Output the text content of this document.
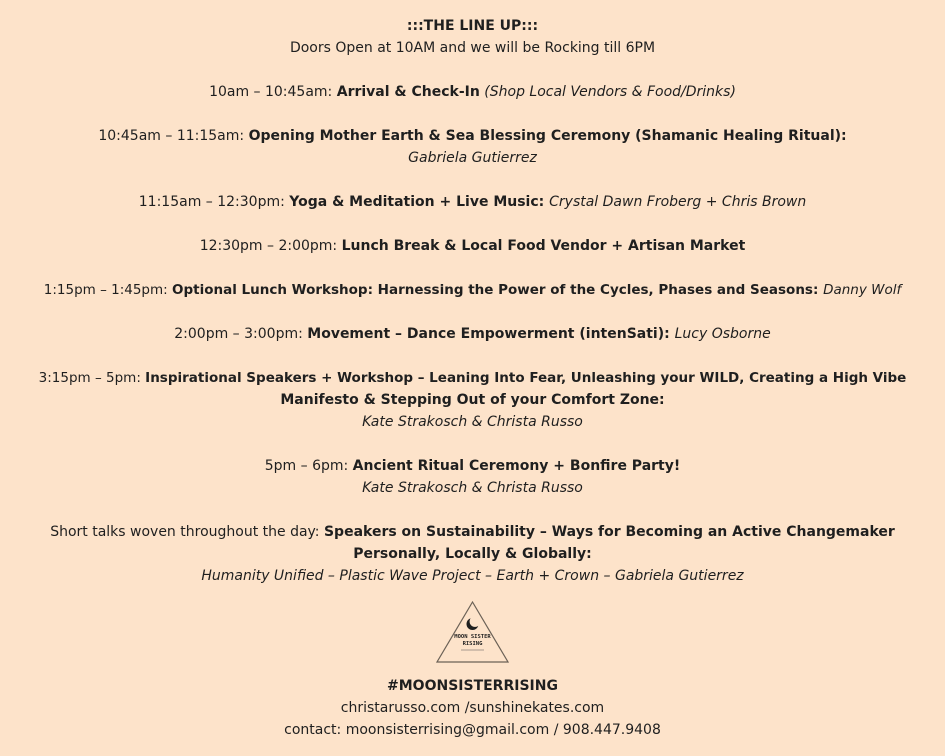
:::THE LINE UP:::
Doors Open at 10AM and we will be Rocking till 6PM
10am – 10:45am: Arrival & Check-In (Shop Local Vendors & Food/Drinks)
10:45am – 11:15am: Opening Mother Earth & Sea Blessing Ceremony (Shamanic Healing Ritual):
Gabriela Gutierrez
11:15am – 12:30pm: Yoga & Meditation + Live Music: Crystal Dawn Froberg + Chris Brown
12:30pm – 2:00pm: Lunch Break & Local Food Vendor + Artisan Market
1:15pm – 1:45pm: Optional Lunch Workshop: Harnessing the Power of the Cycles, Phases and Seasons: Danny Wolf
2:00pm – 3:00pm: Movement – Dance Empowerment (intenSati): Lucy Osborne
3:15pm – 5pm: Inspirational Speakers + Workshop – Leaning Into Fear, Unleashing your WILD, Creating a High Vibe
Manifesto & Stepping Out of your Comfort Zone:
Kate Strakosch & Christa Russo
5pm – 6pm: Ancient Ritual Ceremony + Bonfire Party!
Kate Strakosch & Christa Russo
Short talks woven throughout the day: Speakers on Sustainability – Ways for Becoming an Active Changemaker
Personally, Locally & Globally:
Humanity Unified – Plastic Wave Project – Earth + Crown – Gabriela Gutierrez
MOON SISTER
RISING
#MOONSISTERRISING
christarusso.com /sunshinekates.com
contact: moonsisterrising@gmail.com / 908.447.9408
